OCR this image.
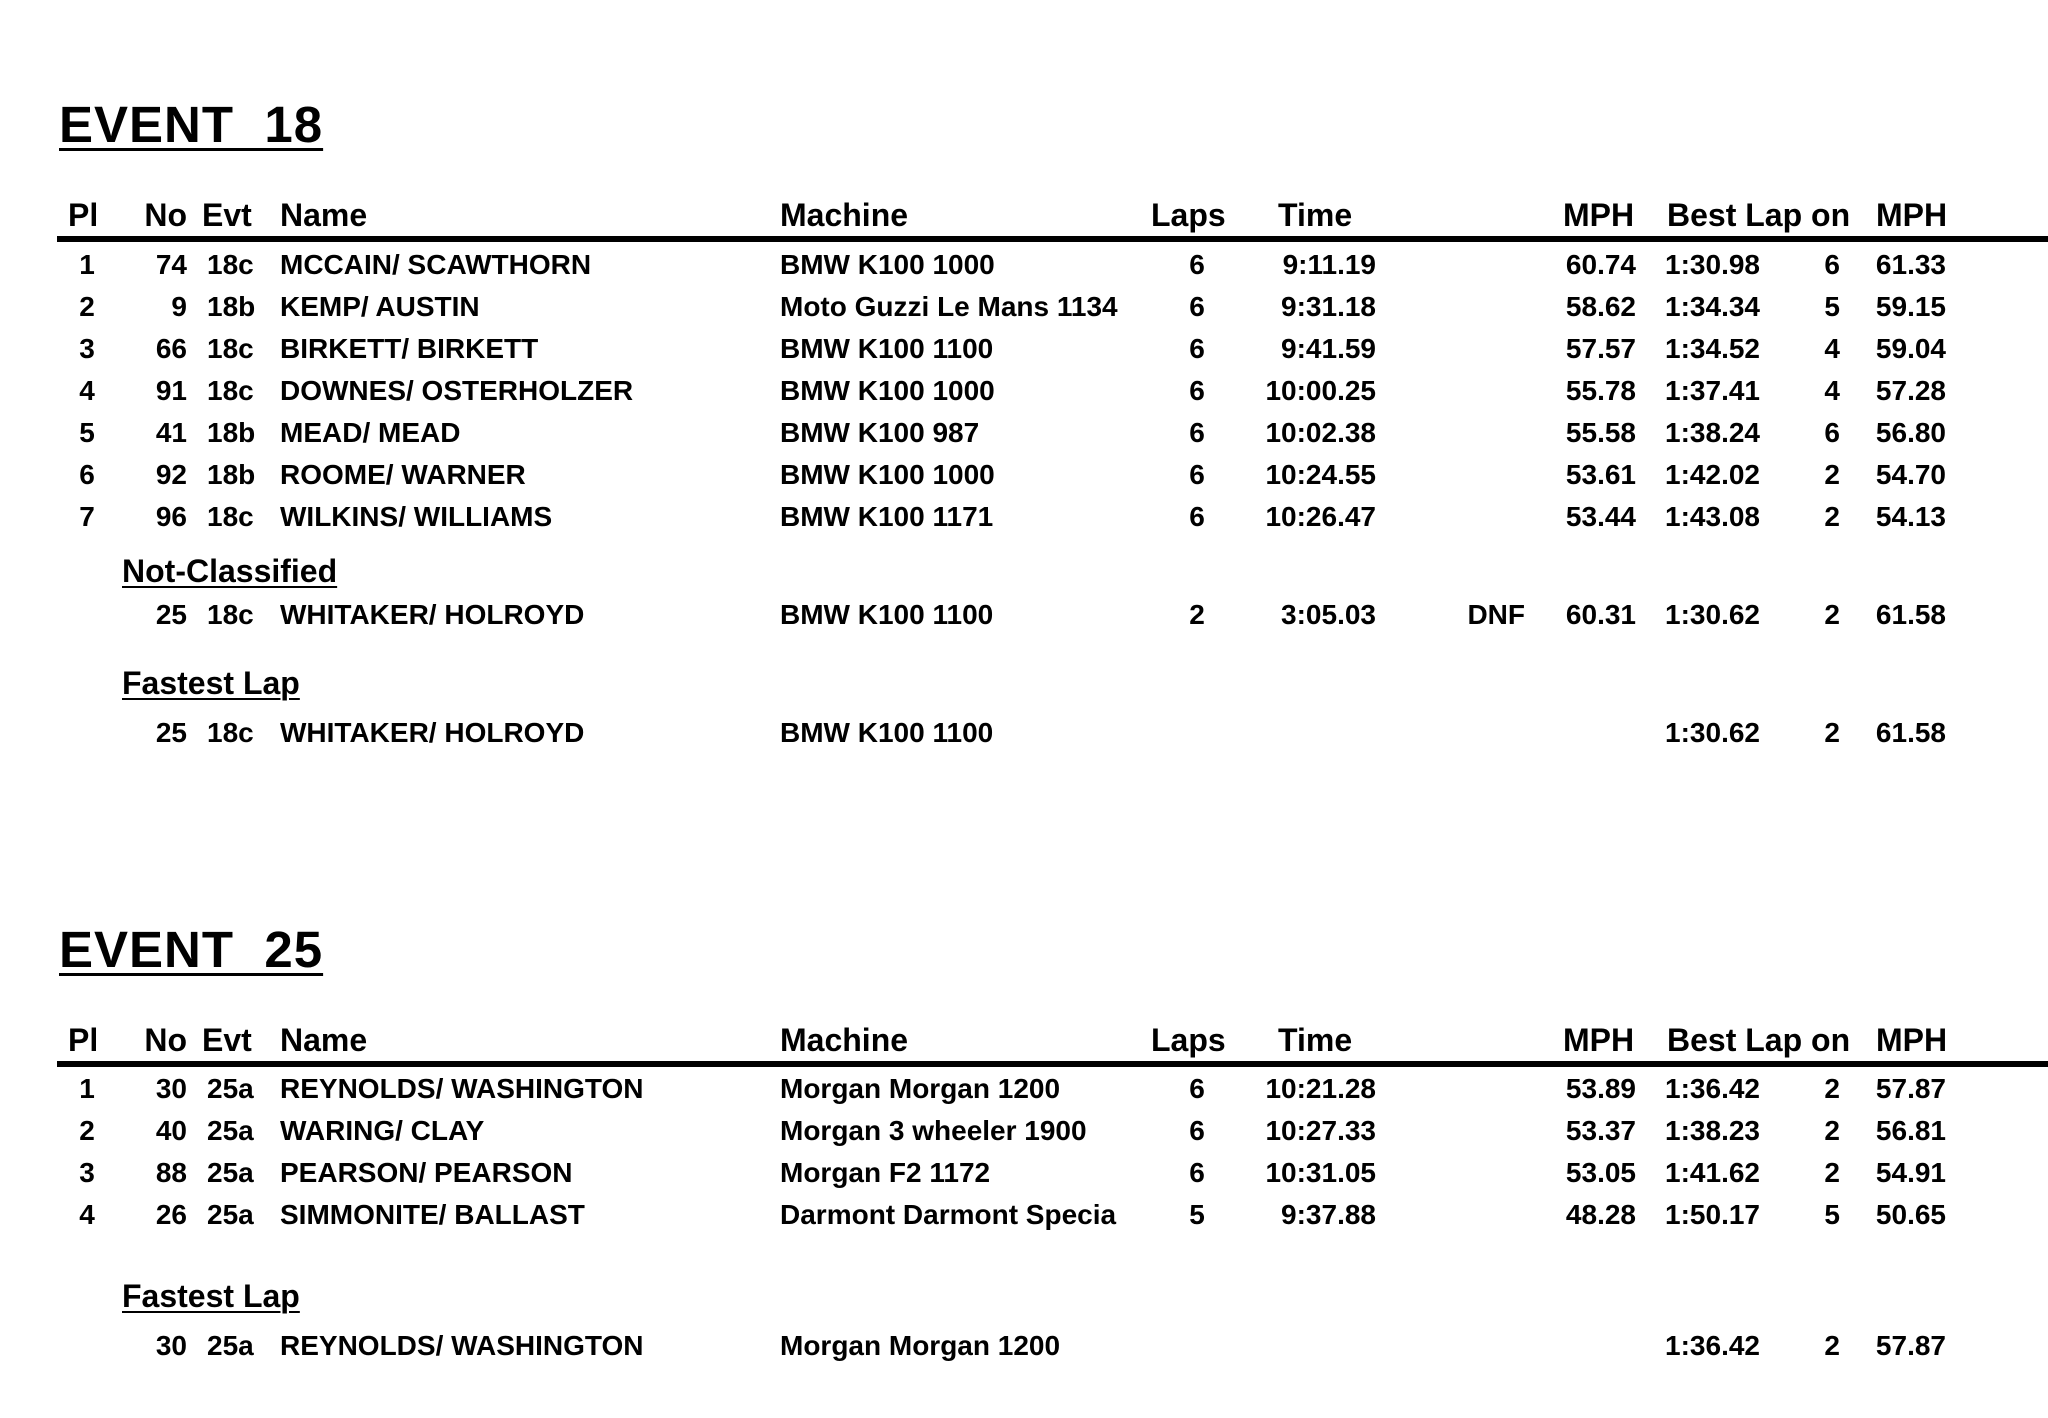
EVENT  18
Pl	No Evt Name	Machine	Laps Time	MPH Best Lap on MPH
1	74 18c MCCAIN/ SCAWTHORN	BMW K100 1000	6	9:11.19	60.74	1:30.98	6	61.33
2	9 18b KEMP/ AUSTIN	Moto Guzzi Le Mans 1134	6	9:31.18	58.62	1:34.34	5	59.15
3	66 18c BIRKETT/ BIRKETT	BMW K100 1100	6	9:41.59	57.57	1:34.52	4	59.04
4	91 18c DOWNES/ OSTERHOLZER	BMW K100 1000	6	10:00.25	55.78	1:37.41	4	57.28
5	41 18b MEAD/ MEAD	BMW K100 987	6	10:02.38	55.58	1:38.24	6	56.80
6	92 18b ROOME/ WARNER	BMW K100 1000	6	10:24.55	53.61	1:42.02	2	54.70
7	96 18c WILKINS/ WILLIAMS	BMW K100 1171	6	10:26.47	53.44	1:43.08	2	54.13
Not-Classified
25 18c WHITAKER/ HOLROYD	BMW K100 1100	2	3:05.03	DNF	60.31	1:30.62	2	61.58
Fastest Lap
25 18c WHITAKER/ HOLROYD	BMW K100 1100	1:30.62	2	61.58
EVENT  25
Pl	No Evt Name	Machine	Laps Time	MPH Best Lap on MPH
1	30 25a REYNOLDS/ WASHINGTON	Morgan Morgan 1200	6	10:21.28	53.89	1:36.42	2	57.87
2	40 25a WARING/ CLAY	Morgan 3 wheeler 1900	6	10:27.33	53.37	1:38.23	2	56.81
3	88 25a PEARSON/ PEARSON	Morgan F2 1172	6	10:31.05	53.05	1:41.62	2	54.91
4	26 25a SIMMONITE/ BALLAST	Darmont Darmont Specia	5	9:37.88	48.28	1:50.17	5	50.65
Fastest Lap
30 25a REYNOLDS/ WASHINGTON	Morgan Morgan 1200	1:36.42	2	57.87
